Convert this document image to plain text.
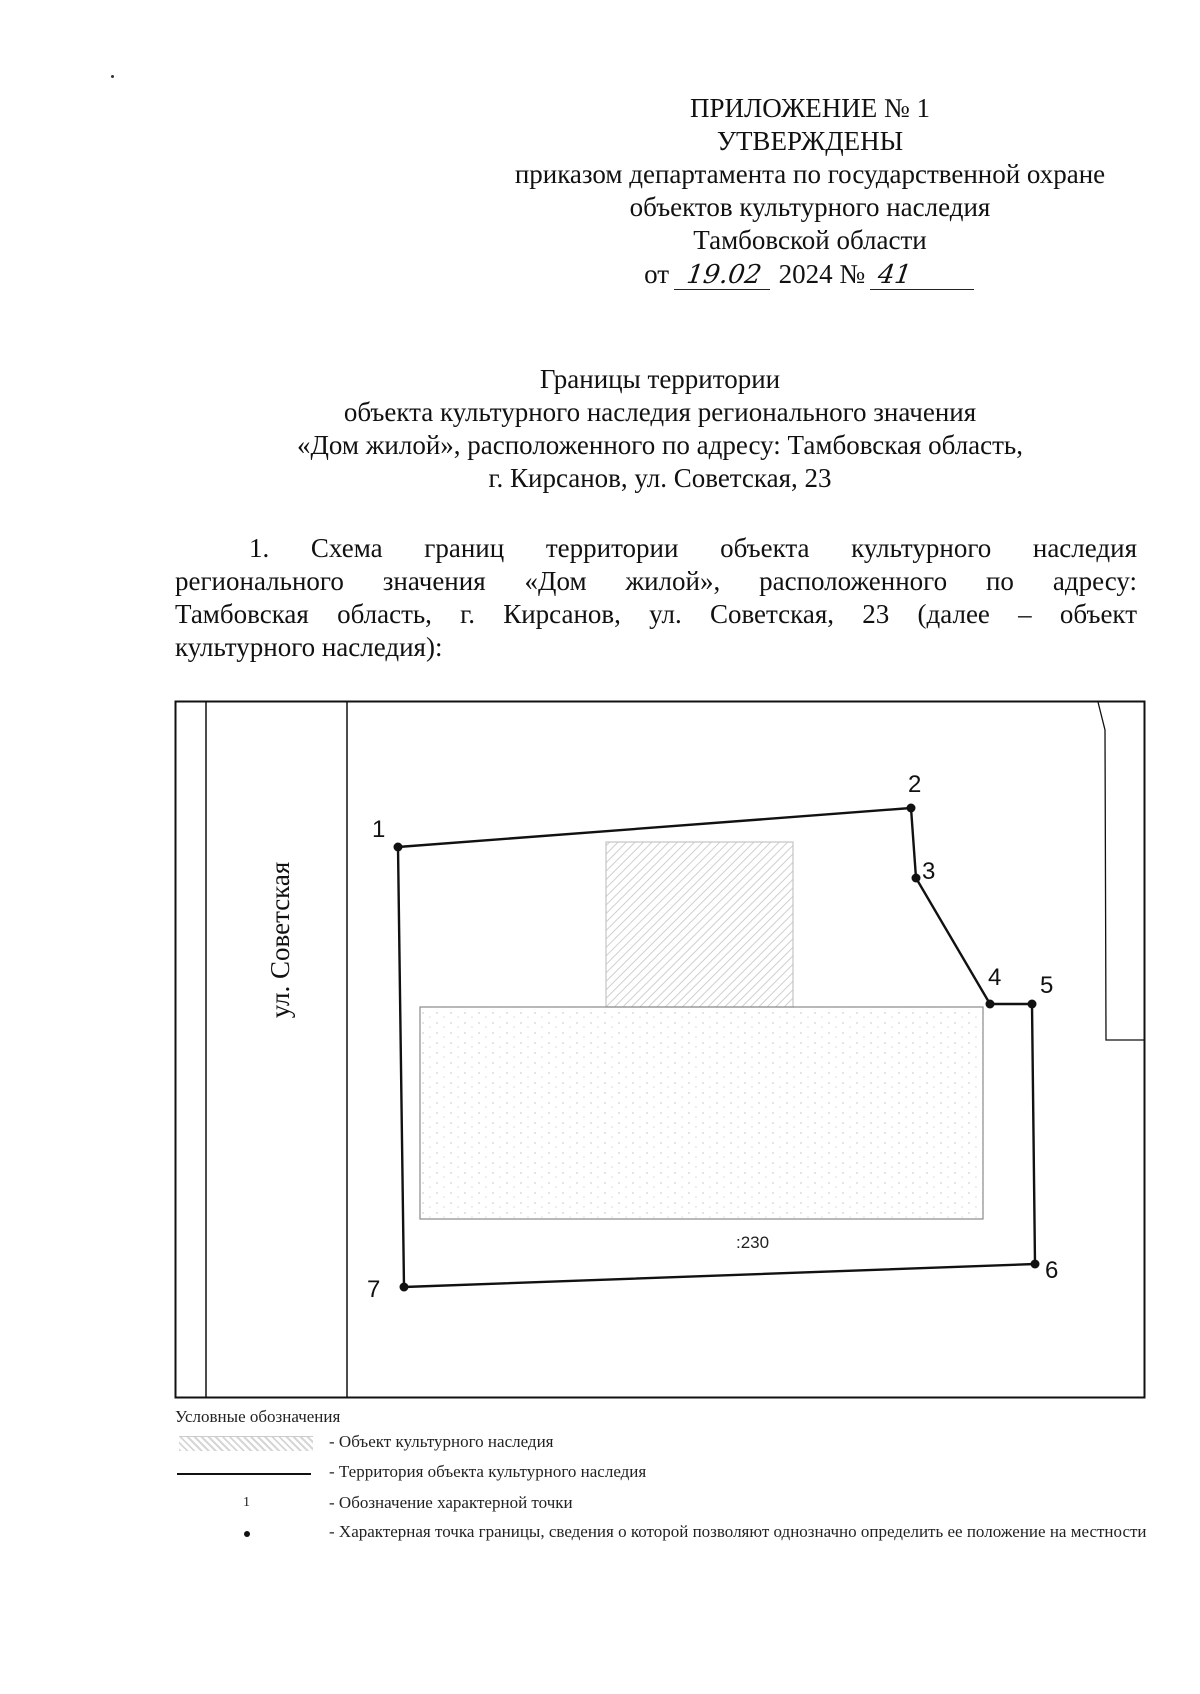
ПРИЛОЖЕНИЕ № 1
УТВЕРЖДЕНЫ
приказом департамента по государственной охране
объектов культурного наследия
Тамбовской области
от 19.02 2024 № 41
Границы территории
объекта культурного наследия регионального значения
«Дом жилой», расположенного по адресу: Тамбовская область,
г. Кирсанов, ул. Советская, 23
1. Схема границ территории объекта культурного наследия
регионального значения «Дом жилой», расположенного по адресу:
Тамбовская область, г. Кирсанов, ул. Советская, 23 (далее – объект
культурного наследия):
ул. Советская
1
2
3
4 5
6
7
:230
Условные обозначения
- Объект культурного наследия
- Территория объекта культурного наследия
1	- Обозначение характерной точки
- Характерная точка границы, сведения о которой позволяют однозначно определить ее положение на местности
